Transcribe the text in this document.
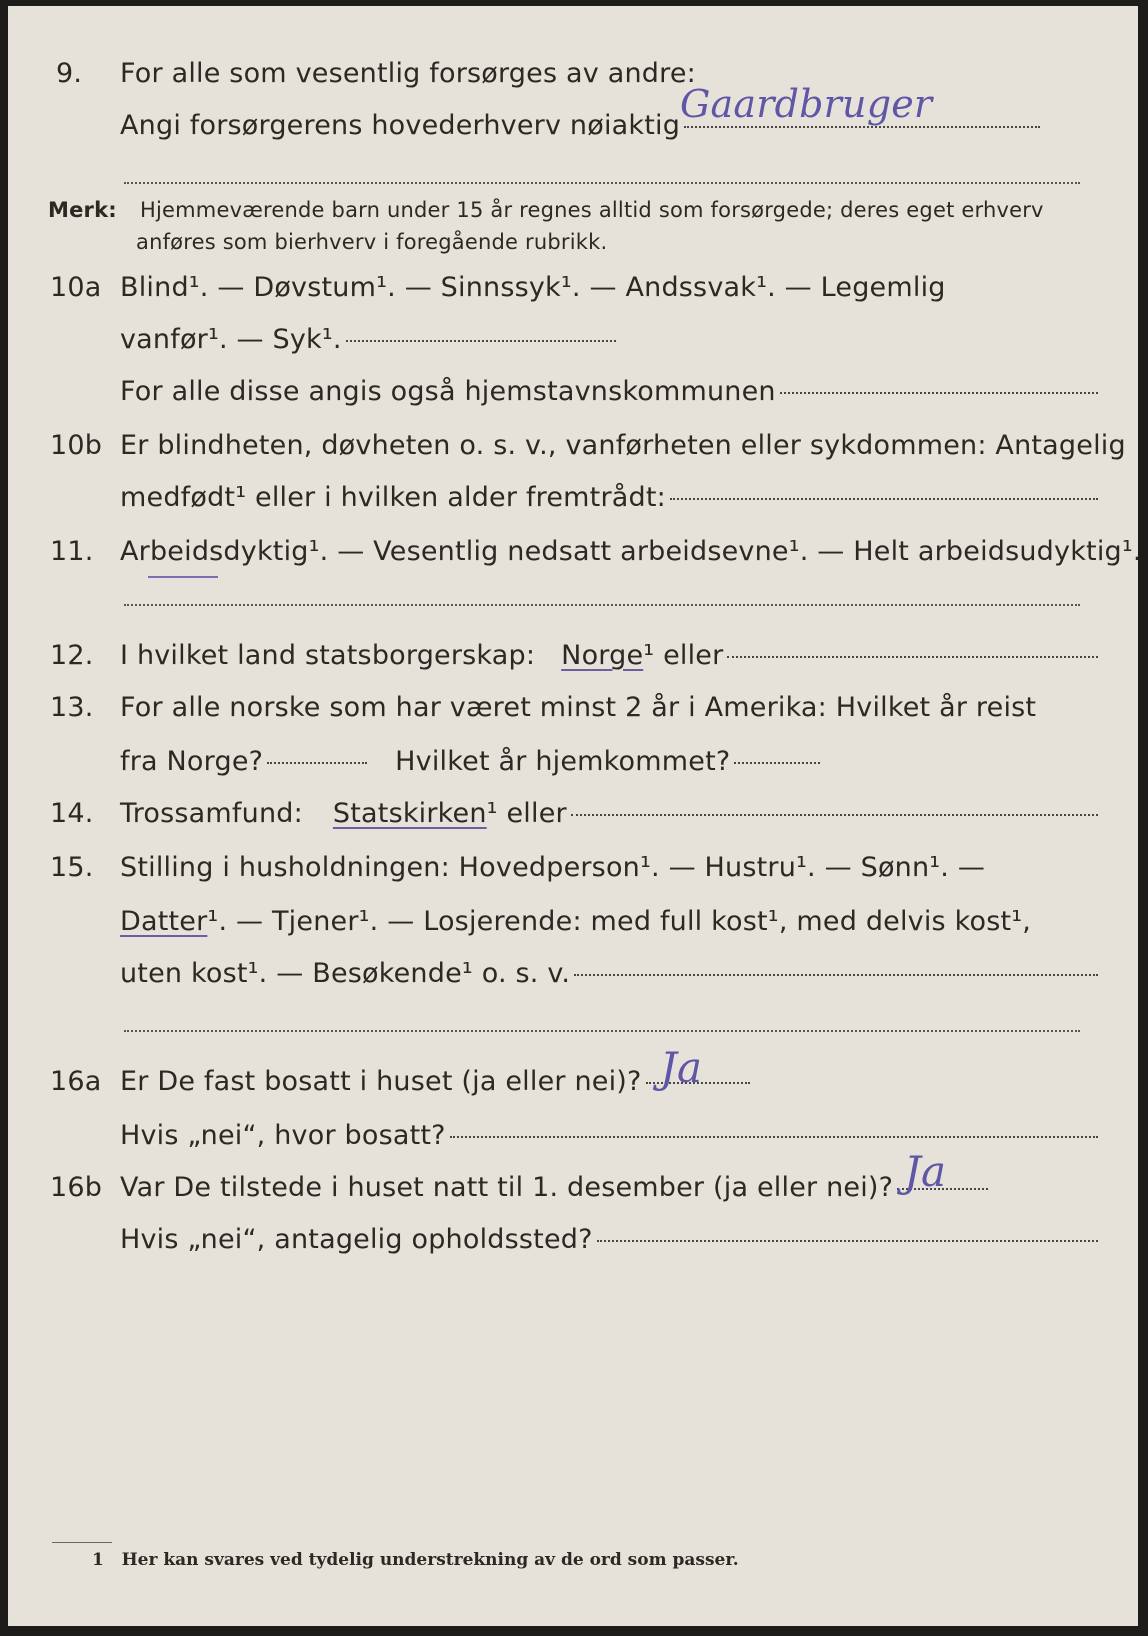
9. For alle som vesentlig forsørges av andre:
Angi forsørgerens hovederhverv nøiaktig Gaardbruger
Merk: Hjemmeværende barn under 15 år regnes alltid som forsørgede; deres eget erhverv
anføres som bierhverv i foregående rubrikk.
10a Blind¹. — Døvstum¹. — Sinnssyk¹. — Andssvak¹. — Legemlig
vanfør¹. — Syk¹.
For alle disse angis også hjemstavnskommunen
10b Er blindheten, døvheten o. s. v., vanførheten eller sykdommen: Antagelig
medfødt¹ eller i hvilken alder fremtrådt:
11. Arbeidsdyktig¹. — Vesentlig nedsatt arbeidsevne¹. — Helt arbeidsudyktig¹.
12. I hvilket land statsborgerskap: Norge ¹ eller
13. For alle norske som har været minst 2 år i Amerika: Hvilket år reist
fra Norge?	Hvilket år hjemkommet?
14. Trossamfund: Statskirken ¹ eller
15. Stilling i husholdningen: Hovedperson¹. — Hustru¹. — Sønn¹. —
Datter¹. — Tjener¹. — Losjerende: med full kost¹, med delvis kost¹,
uten kost¹. — Besøkende¹ o. s. v.
16a Er De fast bosatt i huset (ja eller nei)? Ja
Hvis „nei“, hvor bosatt?
16b Var De tilstede i huset natt til 1. desember (ja eller nei)? Ja
Hvis „nei“, antagelig opholdssted?
1 Her kan svares ved tydelig understrekning av de ord som passer.
